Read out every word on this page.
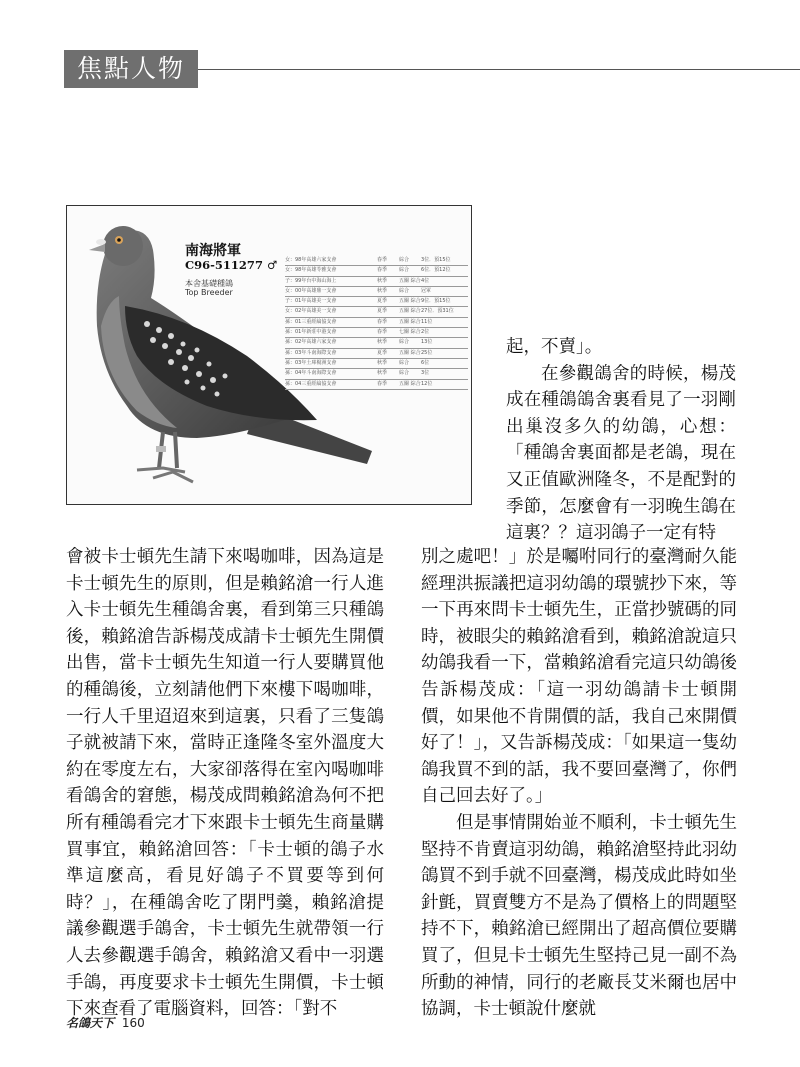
焦點人物
南海將軍
C96-511277 ♂
本舍基礎種鴿
Top Breeder
女：98年高雄六家支會	春季	綜合	3位．預15位
女：98年高雄苓雅支會	春季	綜合	6位．預12位
子：99年台中海山海上	秋季	五關 綜合 4位
女：00年高雄鼎一支會	秋季	綜合	冠軍
子：01年高雄美一支會	夏季	五關 綜合 9位．預15位
女：02年高雄美一支會	夏季	五關 綜合 27位．預31位
孫：01三重經綸協支會	春季	五關 綜合 11位
孫：01年新莊中港支會	春季	七關 綜合 2位
孫：02年高雄六家支會	秋季	綜合	13位
孫：03年斗南海際支會	夏季	五關 綜合 25位
孫：03年土庫楊洲支會	秋季	綜合	6位
孫：04年斗南海際支會	秋季	綜合	3位
孫：04三重經綸協支會	春季	五關 綜合 12位

起，不賣」。

在參觀鴿舍的時候，楊茂成在種鴿鴿舍裏看見了一羽剛出巢沒多久的幼鴿，心想：「種鴿舍裏面都是老鴿，現在又正值歐洲隆冬，不是配對的季節，怎麼會有一羽晚生鴿在這裏？？這羽鴿子一定有特

會被卡士頓先生請下來喝咖啡，因為這是卡士頓先生的原則，但是賴銘滄一行人進入卡士頓先生種鴿舍裏，看到第三只種鴿後，賴銘滄告訴楊茂成請卡士頓先生開價出售，當卡士頓先生知道一行人要購買他的種鴿後，立刻請他們下來樓下喝咖啡，一行人千里迢迢來到這裏，只看了三隻鴿子就被請下來，當時正逢隆冬室外溫度大約在零度左右，大家卻落得在室內喝咖啡看鴿舍的窘態，楊茂成問賴銘滄為何不把所有種鴿看完才下來跟卡士頓先生商量購買事宜，賴銘滄回答：「卡士頓的鴿子水準這麼高，看見好鴿子不買要等到何時？」，在種鴿舍吃了閉門羹，賴銘滄提議參觀選手鴿舍，卡士頓先生就帶領一行人去參觀選手鴿舍，賴銘滄又看中一羽選手鴿，再度要求卡士頓先生開價，卡士頓下來查看了電腦資料，回答：「對不

別之處吧！」於是囑咐同行的臺灣耐久能經理洪振議把這羽幼鴿的環號抄下來，等一下再來問卡士頓先生，正當抄號碼的同時，被眼尖的賴銘滄看到，賴銘滄說這只幼鴿我看一下，當賴銘滄看完這只幼鴿後告訴楊茂成：「這一羽幼鴿請卡士頓開價，如果他不肯開價的話，我自己來開價好了！」，又告訴楊茂成：「如果這一隻幼鴿我買不到的話，我不要回臺灣了，你們自己回去好了。」

但是事情開始並不順利，卡士頓先生堅持不肯賣這羽幼鴿，賴銘滄堅持此羽幼鴿買不到手就不回臺灣，楊茂成此時如坐針氈，買賣雙方不是為了價格上的問題堅持不下，賴銘滄已經開出了超高價位要購買了，但見卡士頓先生堅持己見一副不為所動的神情，同行的老廠長艾米爾也居中協調，卡士頓說什麼就

名鴿天下 160
